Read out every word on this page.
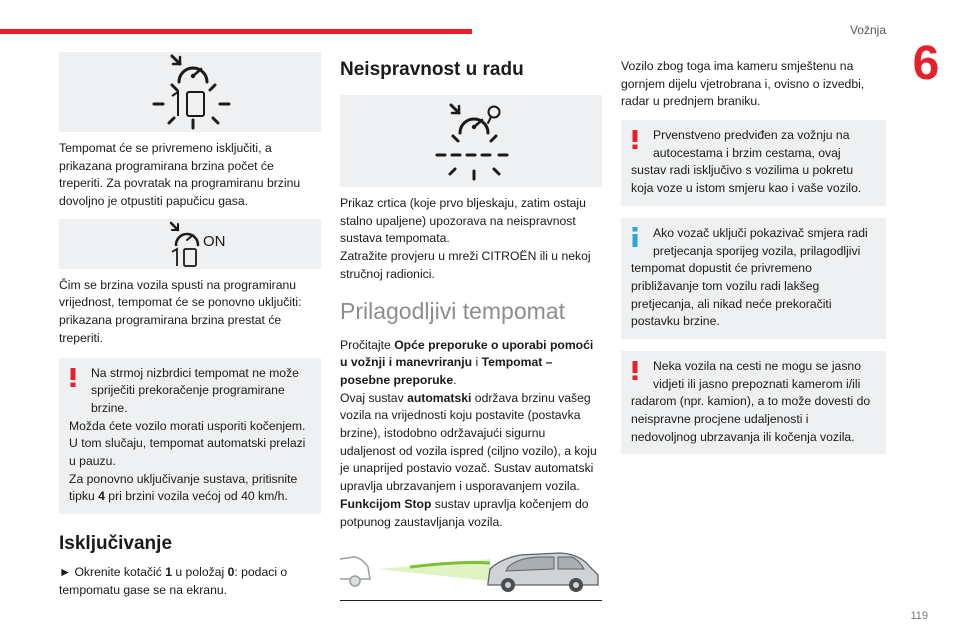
Vožnja
6
119

Tempomat će se privremeno isključiti, a prikazana programirana brzina počet će treperiti. Za povratak na programiranu brzinu dovoljno je otpustiti papučicu gasa.

ON

Čim se brzina vozila spusti na programiranu vrijednost, tempomat će se ponovno uključiti: prikazana programirana brzina prestat će treperiti.

Na strmoj nizbrdici tempomat ne može spriječiti prekoračenje programirane brzine.
Možda ćete vozilo morati usporiti kočenjem.
U tom slučaju, tempomat automatski prelazi u pauzu.
Za ponovno uključivanje sustava, pritisnite tipku 4 pri brzini vozila većoj od 40 km/h.
Isključivanje

► Okrenite kotačić 1 u položaj 0: podaci o tempomatu gase se na ekranu.

Neispravnost u radu

Prikaz crtica (koje prvo bljeskaju, zatim ostaju stalno upaljene) upozorava na neispravnost sustava tempomata.

Zatražite provjeru u mreži CITROËN ili u nekoj stručnoj radionici.

Prilagodljivi tempomat

Pročitajte Opće preporuke o uporabi pomoći u vožnji i manevriranju i Tempomat – posebne preporuke.

Ovaj sustav automatski održava brzinu vašeg vozila na vrijednosti koju postavite (postavka brzine), istodobno održavajući sigurnu udaljenost od vozila ispred (ciljno vozilo), a koju je unaprijed postavio vozač. Sustav automatski upravlja ubrzavanjem i usporavanjem vozila.

Funkcijom Stop sustav upravlja kočenjem do potpunog zaustavljanja vozila.

Vozilo zbog toga ima kameru smještenu na gornjem dijelu vjetrobrana i, ovisno o izvedbi, radar u prednjem braniku.

Prvenstveno predviđen za vožnju na autocestama i brzim cestama, ovaj
sustav radi isključivo s vozilima u pokretu koja voze u istom smjeru kao i vaše vozilo.
Ako vozač uključi pokazivač smjera radi pretjecanja sporijeg vozila, prilagodljivi
tempomat dopustit će privremeno približavanje tom vozilu radi lakšeg pretjecanja, ali nikad neće prekoračiti postavku brzine.
Neka vozila na cesti ne mogu se jasno vidjeti ili jasno prepoznati kamerom i/ili
radarom (npr. kamion), a to može dovesti do neispravne procjene udaljenosti i nedovoljnog ubrzavanja ili kočenja vozila.
